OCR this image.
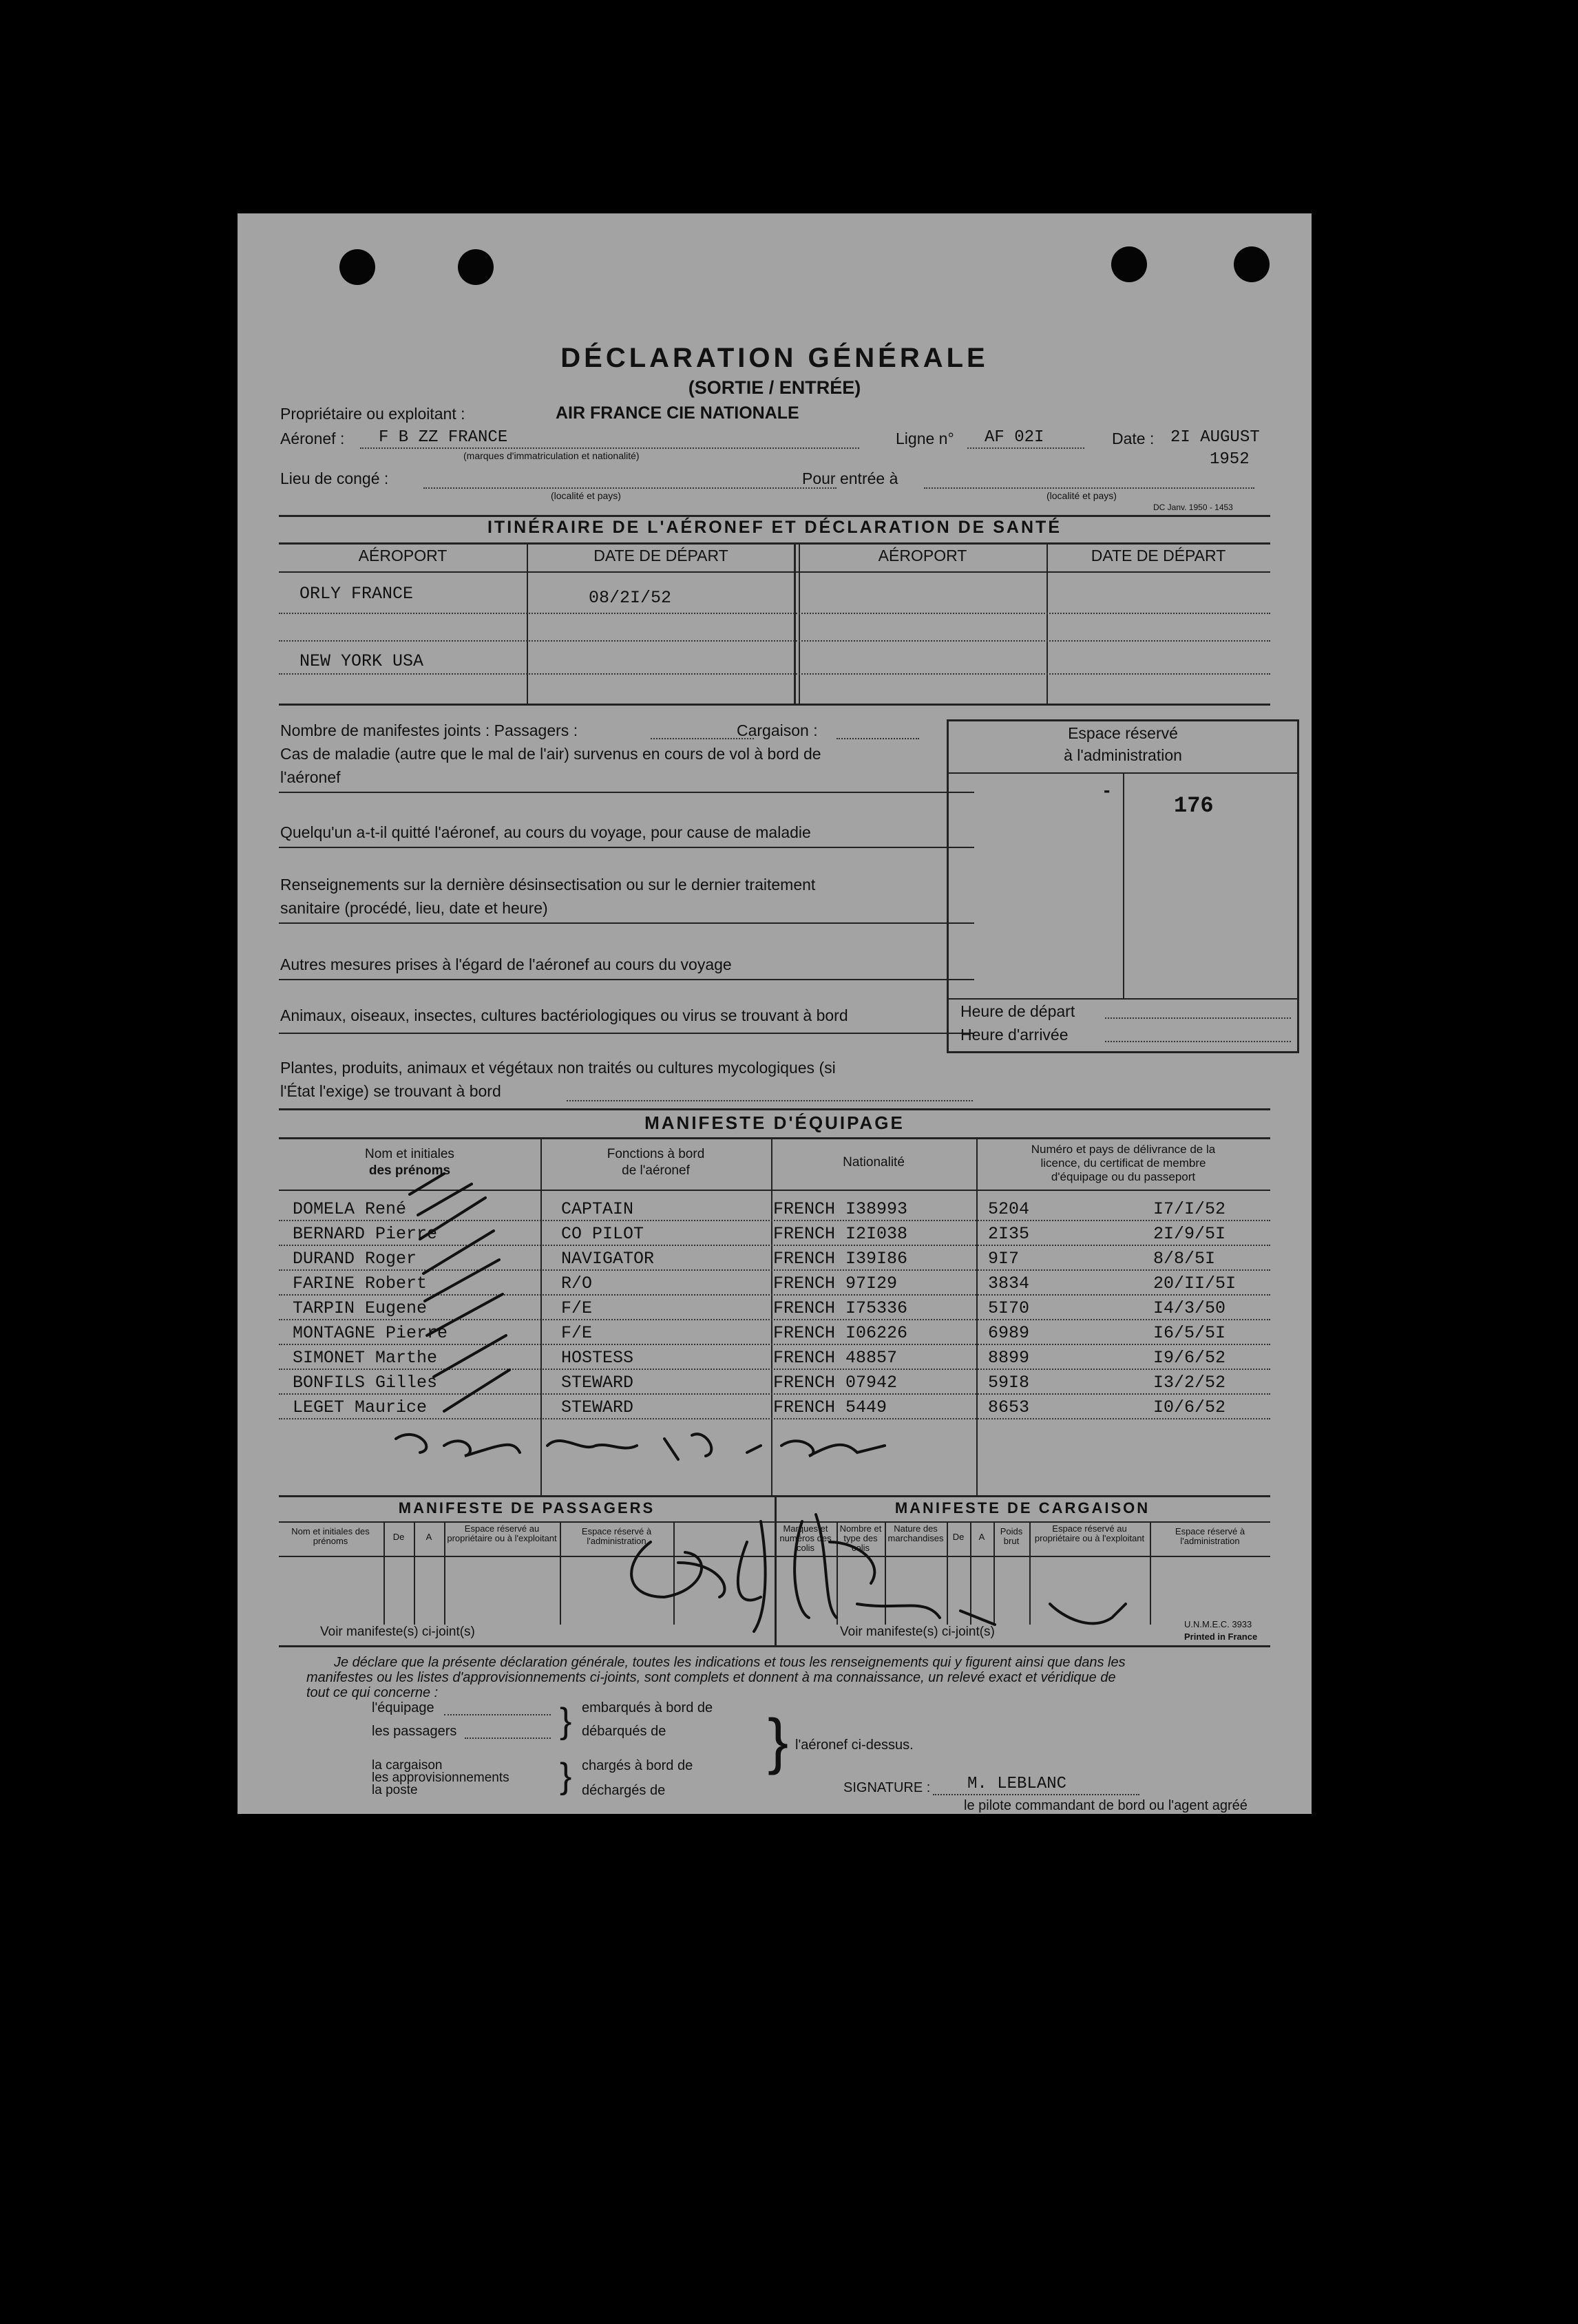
DÉCLARATION GÉNÉRALE
(SORTIE / ENTRÉE)
Propriétaire ou exploitant :	AIR FRANCE CIE NATIONALE
Aéronef : F B ZZ FRANCE
(marques d'immatriculation et nationalité)
Ligne n° AF 02I	Date : 2I AUGUST
1952
Lieu de congé :
(localité et pays)
Pour entrée à
(localité et pays)
DC Janv. 1950 - 1453
ITINÉRAIRE DE L'AÉRONEF ET DÉCLARATION DE SANTÉ
AÉROPORT	DATE DE DÉPART	AÉROPORT	DATE DE DÉPART
ORLY FRANCE	08/2I/52
NEW YORK USA
Nombre de manifestes joints : Passagers :	Cargaison :
Cas de maladie (autre que le mal de l'air) survenus en cours de vol à bord de
l'aéronef
Quelqu'un a-t-il quitté l'aéronef, au cours du voyage, pour cause de maladie
Renseignements sur la dernière désinsectisation ou sur le dernier traitement
sanitaire (procédé, lieu, date et heure)
Autres mesures prises à l'égard de l'aéronef au cours du voyage
Animaux, oiseaux, insectes, cultures bactériologiques ou virus se trouvant à bord
Plantes, produits, animaux et végétaux non traités ou cultures mycologiques (si
l'État l'exige) se trouvant à bord
Espace réservé
à l'administration
-
176
Heure de départ
Heure d'arrivée
MANIFESTE D'ÉQUIPAGE
Nom et initiales
des prénoms
Fonctions à bord
de l'aéronef
Nationalité
Numéro et pays de délivrance de la
licence, du certificat de membre
d'équipage ou du passeport
DOMELA René	CAPTAIN	FRENCH I38993	5204	I7/I/52
BERNARD Pierre	CO PILOT	FRENCH I2I038	2I35	2I/9/5I
DURAND Roger	NAVIGATOR	FRENCH I39I86	9I7	8/8/5I
FARINE Robert	R/O	FRENCH 97I29	3834	20/II/5I
TARPIN Eugene	F/E	FRENCH I75336	5I70	I4/3/50
MONTAGNE Pierre	F/E	FRENCH I06226	6989	I6/5/5I
SIMONET Marthe	HOSTESS	FRENCH 48857	8899	I9/6/52
BONFILS Gilles	STEWARD	FRENCH 07942	59I8	I3/2/52
LEGET Maurice	STEWARD	FRENCH 5449	8653	I0/6/52
MANIFESTE DE PASSAGERS	MANIFESTE DE CARGAISON
Nom et initiales des prénoms	De	A
Espace réservé au propriétaire ou à l'exploitant
Espace réservé à l'administration
Marques et numéros des colis
Nombre et type des colis
Nature des marchandises	De	A
Poids brut
Espace réservé au propriétaire ou à l'exploitant
Espace réservé à l'administration
Voir manifeste(s) ci-joint(s)	Voir manifeste(s) ci-joint(s)
U.N.M.E.C. 3933
Printed in France
Je déclare que la présente déclaration générale, toutes les indications et tous les renseignements qui y figurent ainsi que dans les
manifestes ou les listes d'approvisionnements ci-joints, sont complets et donnent à ma connaissance, un relevé exact et véridique de
tout ce qui concerne :
l'équipage
les passagers
la cargaison
les approvisionnements
la poste
embarqués à bord de
débarqués de
chargés à bord de
déchargés de
}
}	} l'aéronef ci-dessus.
SIGNATURE : M. LEBLANC
le pilote commandant de bord ou l'agent agréé
